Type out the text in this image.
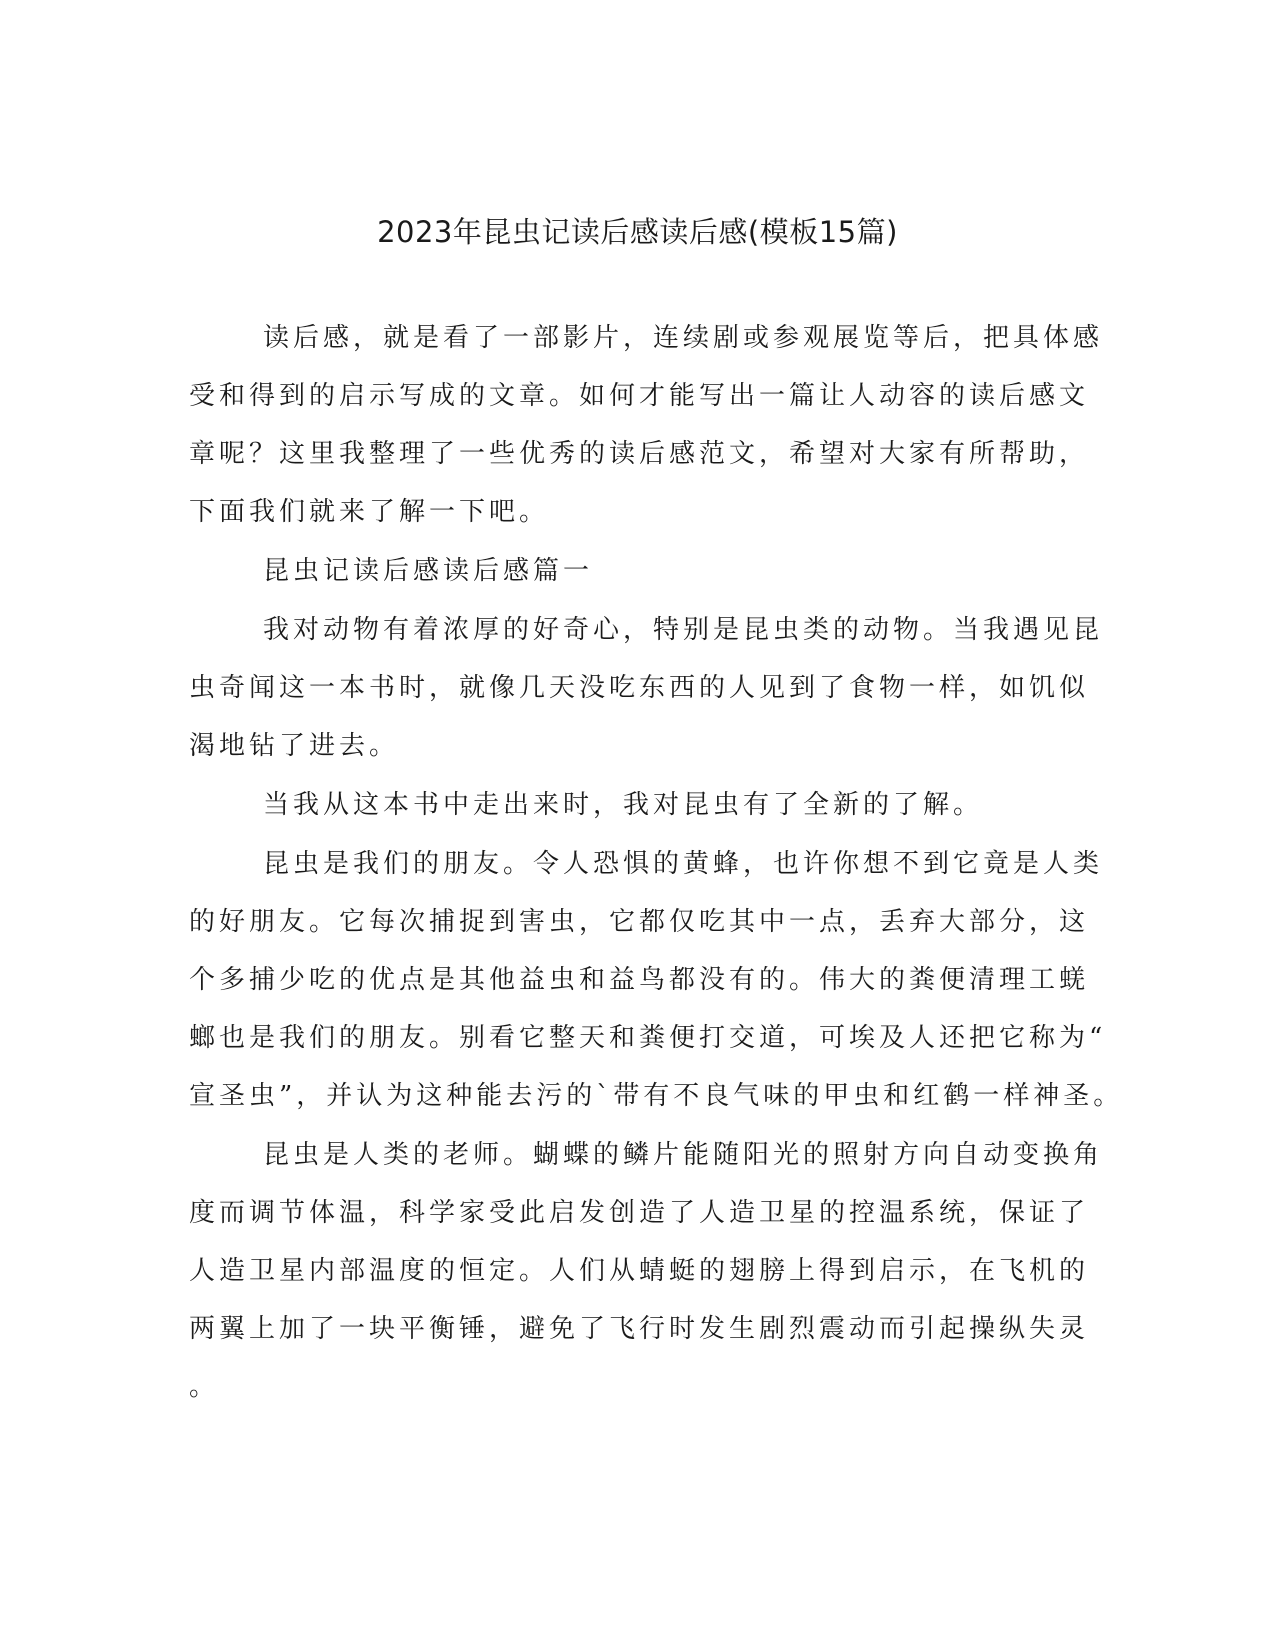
2023年昆虫记读后感读后感(模板15篇)
读后感，就是看了一部影片，连续剧或参观展览等后，把具体感
受和得到的启示写成的文章。如何才能写出一篇让人动容的读后感文
章呢？这里我整理了一些优秀的读后感范文，希望对大家有所帮助，
下面我们就来了解一下吧。
昆虫记读后感读后感篇一
我对动物有着浓厚的好奇心，特别是昆虫类的动物。当我遇见昆
虫奇闻这一本书时，就像几天没吃东西的人见到了食物一样，如饥似
渴地钻了进去。
当我从这本书中走出来时，我对昆虫有了全新的了解。
昆虫是我们的朋友。令人恐惧的黄蜂，也许你想不到它竟是人类
的好朋友。它每次捕捉到害虫，它都仅吃其中一点，丢弃大部分，这
个多捕少吃的优点是其他益虫和益鸟都没有的。伟大的粪便清理工蜣
螂也是我们的朋友。别看它整天和粪便打交道，可埃及人还把它称为“
宣圣虫”，并认为这种能去污的`带有不良气味的甲虫和红鹤一样神圣。
昆虫是人类的老师。蝴蝶的鳞片能随阳光的照射方向自动变换角
度而调节体温，科学家受此启发创造了人造卫星的控温系统，保证了
人造卫星内部温度的恒定。人们从蜻蜓的翅膀上得到启示，在飞机的
两翼上加了一块平衡锤，避免了飞行时发生剧烈震动而引起操纵失灵
。
